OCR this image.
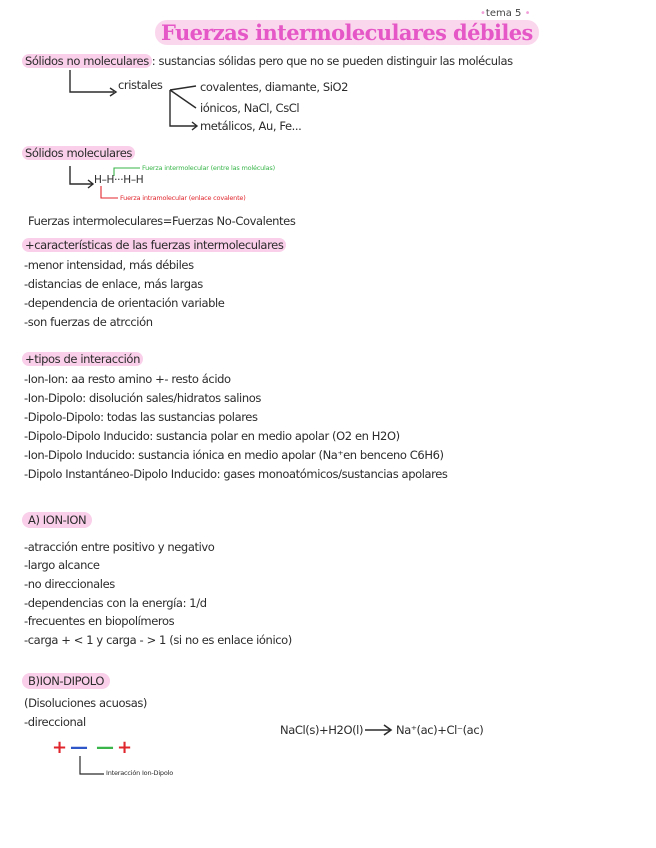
•tema 5 •
Fuerzas intermoleculares débiles
Sólidos no moleculares : sustancias sólidas pero que no se pueden distinguir las moléculas
cristales	covalentes, diamante, SiO2
iónicos, NaCl, CsCl
metálicos, Au, Fe...
Sólidos moleculares
H–H···H–H
Fuerza intermolecular (entre las moléculas)
Fuerza intramolecular (enlace covalente)
Fuerzas intermoleculares=Fuerzas No-Covalentes
+características de las fuerzas intermoleculares
-menor intensidad, más débiles
-distancias de enlace, más largas
-dependencia de orientación variable
-son fuerzas de atrcción
+tipos de interacción
-Ion-Ion: aa resto amino +- resto ácido
-Ion-Dipolo: disolución sales/hidratos salinos
-Dipolo-Dipolo: todas las sustancias polares
-Dipolo-Dipolo Inducido: sustancia polar en medio apolar (O2 en H2O)
-Ion-Dipolo Inducido: sustancia iónica en medio apolar (Na⁺en benceno C6H6)
-Dipolo Instantáneo-Dipolo Inducido: gases monoatómicos/sustancias apolares
A) ION-ION
-atracción entre positivo y negativo
-largo alcance
-no direccionales
-dependencias con la energía: 1/d
-frecuentes en biopolímeros
-carga + < 1 y carga - > 1 (si no es enlace iónico)
B)ION-DIPOLO
(Disoluciones acuosas)
-direccional
NaCl(s)+H2O(l)	Na⁺(ac)+Cl⁻(ac)
+ — — +
Interacción Ion-Dipolo
